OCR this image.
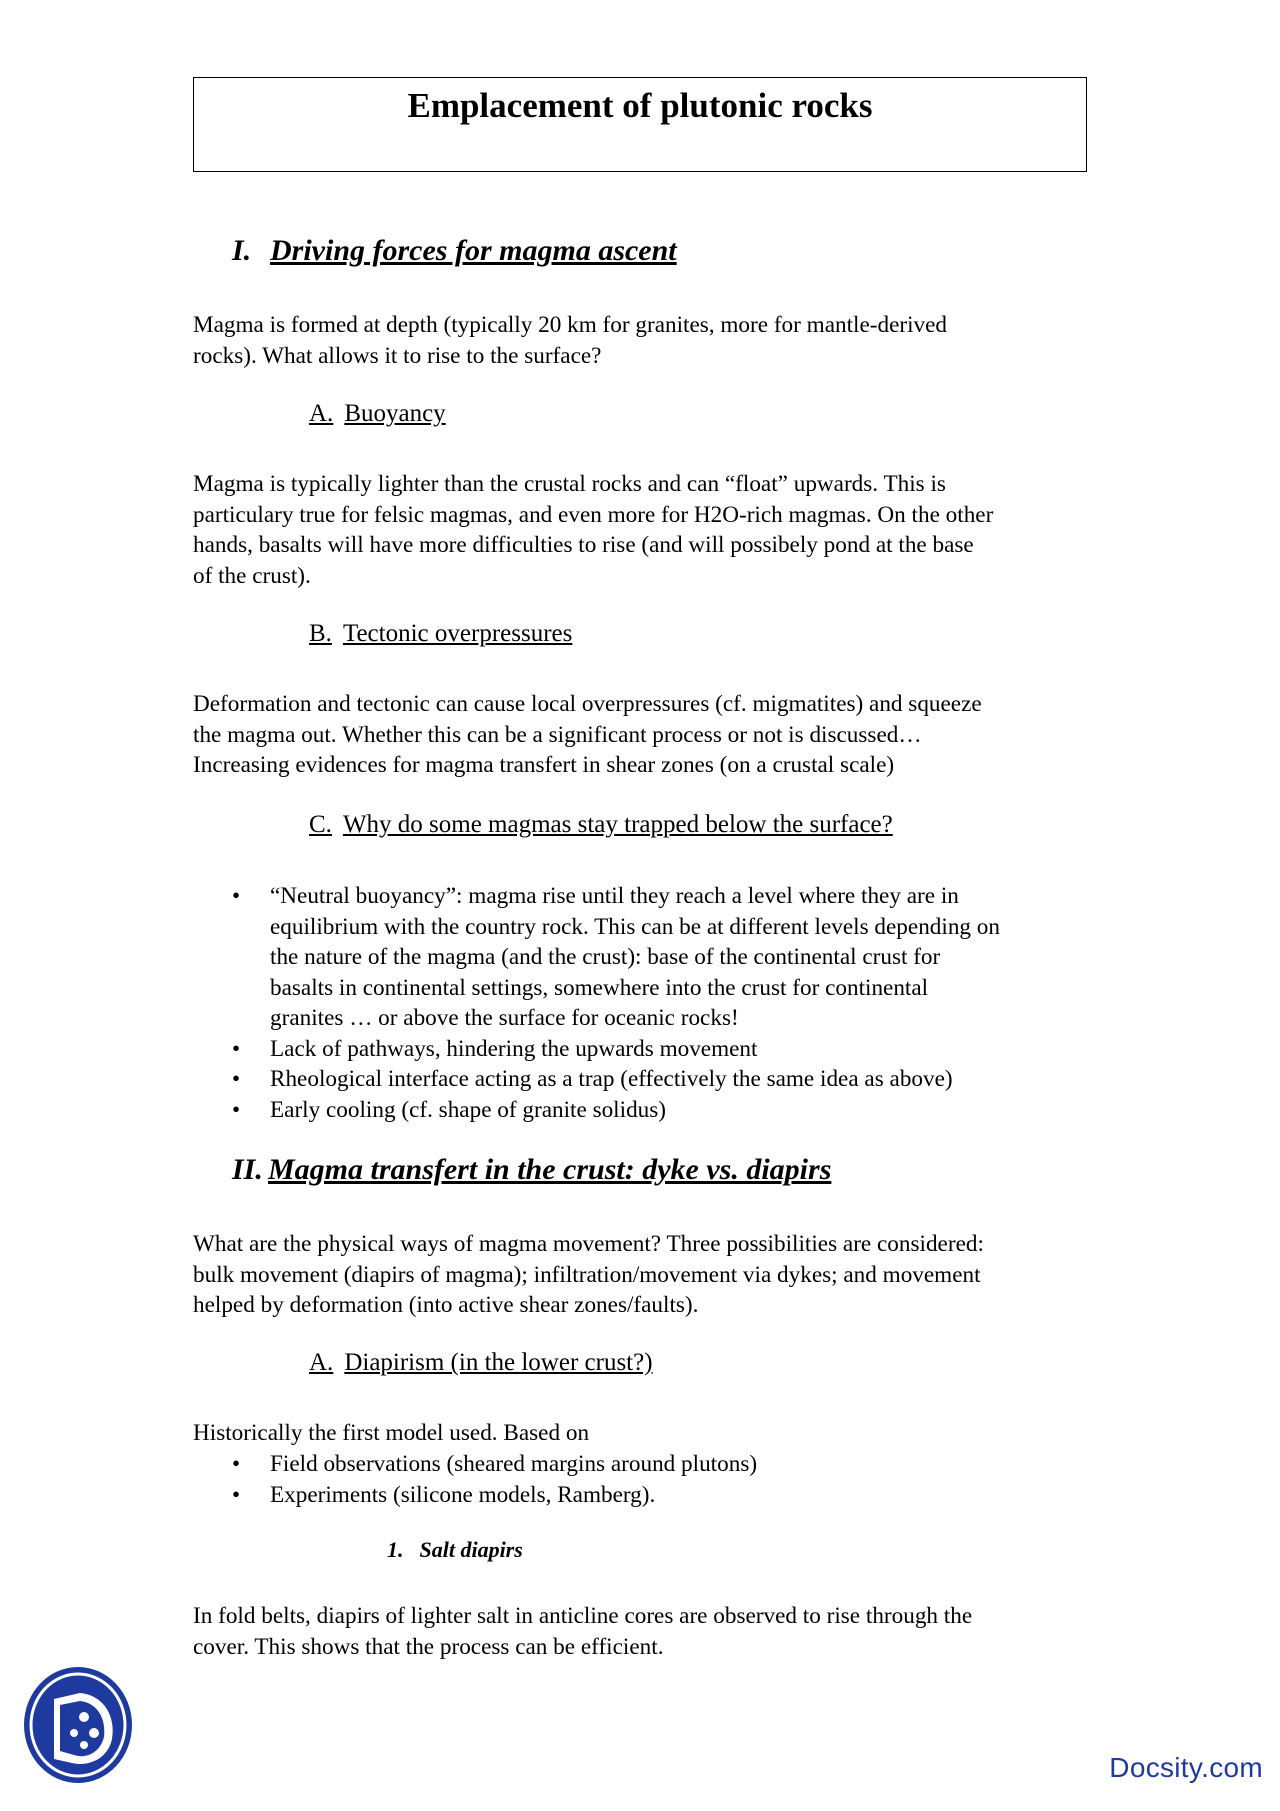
Emplacement of plutonic rocks
I. Driving forces for magma ascent

Magma is formed at depth (typically 20 km for granites, more for mantle-derived
rocks). What allows it to rise to the surface?

A. Buoyancy

Magma is typically lighter than the crustal rocks and can “float” upwards. This is
particulary true for felsic magmas, and even more for H2O-rich magmas. On the other
hands, basalts will have more difficulties to rise (and will possibely pond at the base
of the crust).

B. Tectonic overpressures

Deformation and tectonic can cause local overpressures (cf. migmatites) and squeeze
the magma out. Whether this can be a significant process or not is discussed…
Increasing evidences for magma transfert in shear zones (on a crustal scale)

C. Why do some magmas stay trapped below the surface?
• “Neutral buoyancy”: magma rise until they reach a level where they are in
equilibrium with the country rock. This can be at different levels depending on
the nature of the magma (and the crust): base of the continental crust for
basalts in continental settings, somewhere into the crust for continental
granites … or above the surface for oceanic rocks!
• Lack of pathways, hindering the upwards movement
• Rheological interface acting as a trap (effectively the same idea as above)
• Early cooling (cf. shape of granite solidus)
II. Magma transfert in the crust: dyke vs. diapirs

What are the physical ways of magma movement? Three possibilities are considered:
bulk movement (diapirs of magma); infiltration/movement via dykes; and movement
helped by deformation (into active shear zones/faults).

A. Diapirism (in the lower crust?)

Historically the first model used. Based on

• Field observations (sheared margins around plutons)
• Experiments (silicone models, Ramberg).
1. Salt diapirs

In fold belts, diapirs of lighter salt in anticline cores are observed to rise through the
cover. This shows that the process can be efficient.

Docsity.com
